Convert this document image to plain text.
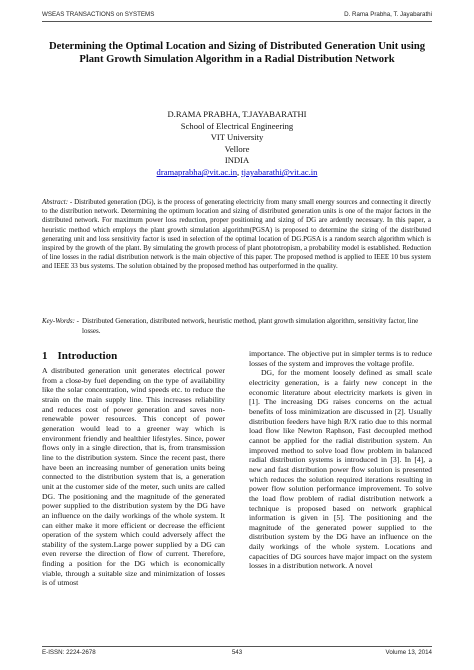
WSEAS TRANSACTIONS on SYSTEMS	D. Rama Prabha, T. Jayabarathi
Determining the Optimal Location and Sizing of Distributed Generation Unit using Plant Growth Simulation Algorithm in a Radial Distribution Network
D.RAMA PRABHA, T.JAYABARATHI
School of Electrical Engineering
VIT University
Vellore
INDIA
dramaprabha@vit.ac.in, tjayabarathi@vit.ac.in
Abstract: - Distributed generation (DG), is the process of generating electricity from many small energy sources and connecting it directly to the distribution network. Determining the optimum location and sizing of distributed generation units is one of the major factors in the distributed network. For maximum power loss reduction, proper positioning and sizing of DG are ardently necessary. In this paper, a heuristic method which employs the plant growth simulation algorithm(PGSA) is proposed to determine the sizing of the distributed generating unit and loss sensitivity factor is used in selection of the optimal location of DG.PGSA is a random search algorithm which is inspired by the growth of the plant. By simulating the growth process of plant phototropism, a probability model is established. Reduction of line losses in the radial distribution network is the main objective of this paper. The proposed method is applied to IEEE 10 bus system and IEEE 33 bus systems. The solution obtained by the proposed method has outperformed in the quality.
Key-Words: - Distributed Generation, distributed network, heuristic method, plant growth simulation algorithm, sensitivity factor, line losses.
1 Introduction

A distributed generation unit generates electrical power from a close-by fuel depending on the type of availability like the solar concentration, wind speeds etc. to reduce the strain on the main supply line. This increases reliability and reduces cost of power generation and saves non-renewable power resources. This concept of power generation would lead to a greener way which is environment friendly and healthier lifestyles. Since, power flows only in a single direction, that is, from transmission line to the distribution system. Since the recent past, there have been an increasing number of generation units being connected to the distribution system that is, a generation unit at the customer side of the meter, such units are called DG. The positioning and the magnitude of the generated power supplied to the distribution system by the DG have an influence on the daily workings of the whole system. It can either make it more efficient or decrease the efficient operation of the system which could adversely affect the stability of the system.Large power supplied by a DG can even reverse the direction of flow of current. Therefore, finding a position for the DG which is economically viable, through a suitable size and minimization of losses is of utmost

importance. The objective put in simpler terms is to reduce losses of the system and improves the voltage profile.

DG, for the moment loosely defined as small scale electricity generation, is a fairly new concept in the economic literature about electricity markets is given in [1]. The increasing DG raises concerns on the actual benefits of loss minimization are discussed in [2]. Usually distribution feeders have high R/X ratio due to this normal load flow like Newton Raphson, Fast decoupled method cannot be applied for the radial distribution system. An improved method to solve load flow problem in balanced radial distribution systems is introduced in [3]. In [4], a new and fast distribution power flow solution is presented which reduces the solution required iterations resulting in power flow solution performance improvement. To solve the load flow problem of radial distribution network a technique is proposed based on network graphical information is given in [5]. The positioning and the magnitude of the generated power supplied to the distribution system by the DG have an influence on the daily workings of the whole system. Locations and capacities of DG sources have major impact on the system losses in a distribution network. A novel

E-ISSN: 2224-2678	543	Volume 13, 2014
